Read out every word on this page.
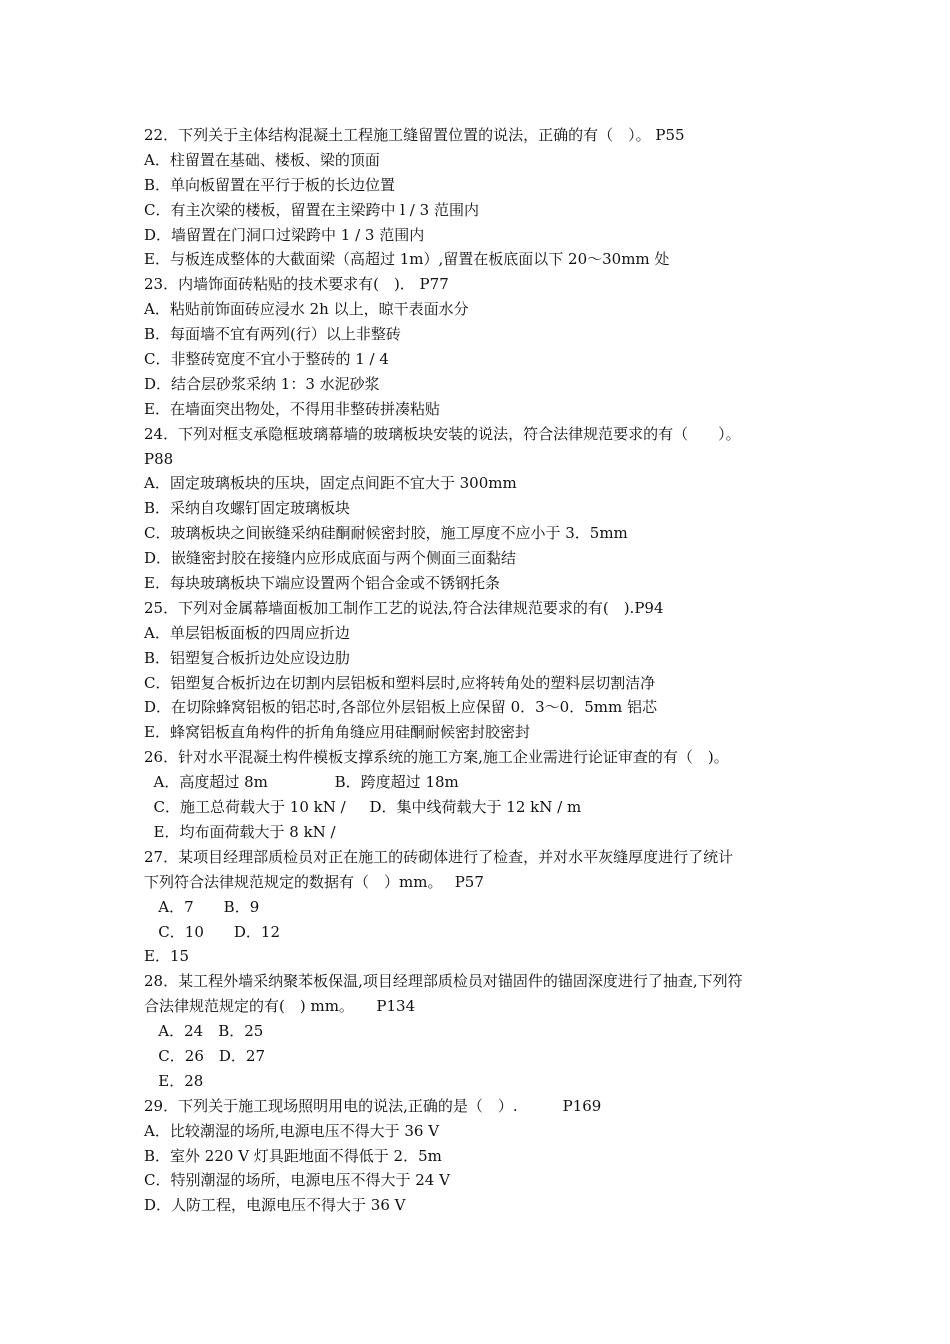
22．下列关于主体结构混凝土工程施工缝留置位置的说法，正确的有（　）。 P55
A．柱留置在基础、楼板、梁的顶面
B．单向板留置在平行于板的长边位置
C．有主次梁的楼板，留置在主梁跨中 l / 3 范围内
D．墙留置在门洞口过梁跨中 1 / 3 范围内
E．与板连成整体的大截面梁（高超过 1m）,留置在板底面以下 20～30mm 处
23．内墙饰面砖粘贴的技术要求有(　)． P77
A．粘贴前饰面砖应浸水 2h 以上，晾干表面水分
B．每面墙不宜有两列(行）以上非整砖
C．非整砖宽度不宜小于整砖的 1 / 4
D．结合层砂浆采纳 1：3 水泥砂浆
E．在墙面突出物处，不得用非整砖拼凑粘贴
24．下列对框支承隐框玻璃幕墙的玻璃板块安装的说法，符合法律规范要求的有（　　）。
P88
A．固定玻璃板块的压块，固定点间距不宜大于 300mm
B．采纳自攻螺钉固定玻璃板块
C．玻璃板块之间嵌缝采纳硅酮耐候密封胶，施工厚度不应小于 3．5mm
D．嵌缝密封胶在接缝内应形成底面与两个侧面三面黏结
E．每块玻璃板块下端应设置两个铝合金或不锈钢托条
25．下列对金属幕墙面板加工制作工艺的说法,符合法律规范要求的有(　).P94
A．单层铝板面板的四周应折边
B．铝塑复合板折边处应设边肋
C．铝塑复合板折边在切割内层铝板和塑料层时,应将转角处的塑料层切割洁净
D．在切除蜂窝铝板的铝芯时,各部位外层铝板上应保留 0．3～0．5mm 铝芯
E．蜂窝铝板直角构件的折角角缝应用硅酮耐候密封胶密封
26．针对水平混凝土构件模板支撑系统的施工方案,施工企业需进行论证审查的有（　)。
A．高度超过 8m              B．跨度超过 18m
C．施工总荷载大于 10 kN /     D．集中线荷载大于 12 kN / m
E．均布面荷载大于 8 kN /
27．某项目经理部质检员对正在施工的砖砌体进行了检查，并对水平灰缝厚度进行了统计
下列符合法律规范规定的数据有（　）mm。　 P57
A．7　　B．9
C．10　　D．12
E．15
28．某工程外墙采纳聚苯板保温,项目经理部质检员对锚固件的锚固深度进行了抽查,下列符
合法律规范规定的有(　) mm。　　P134
A．24　B．25
C．26　D．27
E．28
29．下列关于施工现场照明用电的说法,正确的是（　）.　　　P169
A．比较潮湿的场所,电源电压不得大于 36 V
B．室外 220 V 灯具距地面不得低于 2．5m
C．特别潮湿的场所，电源电压不得大于 24 V
D．人防工程，电源电压不得大于 36 V
